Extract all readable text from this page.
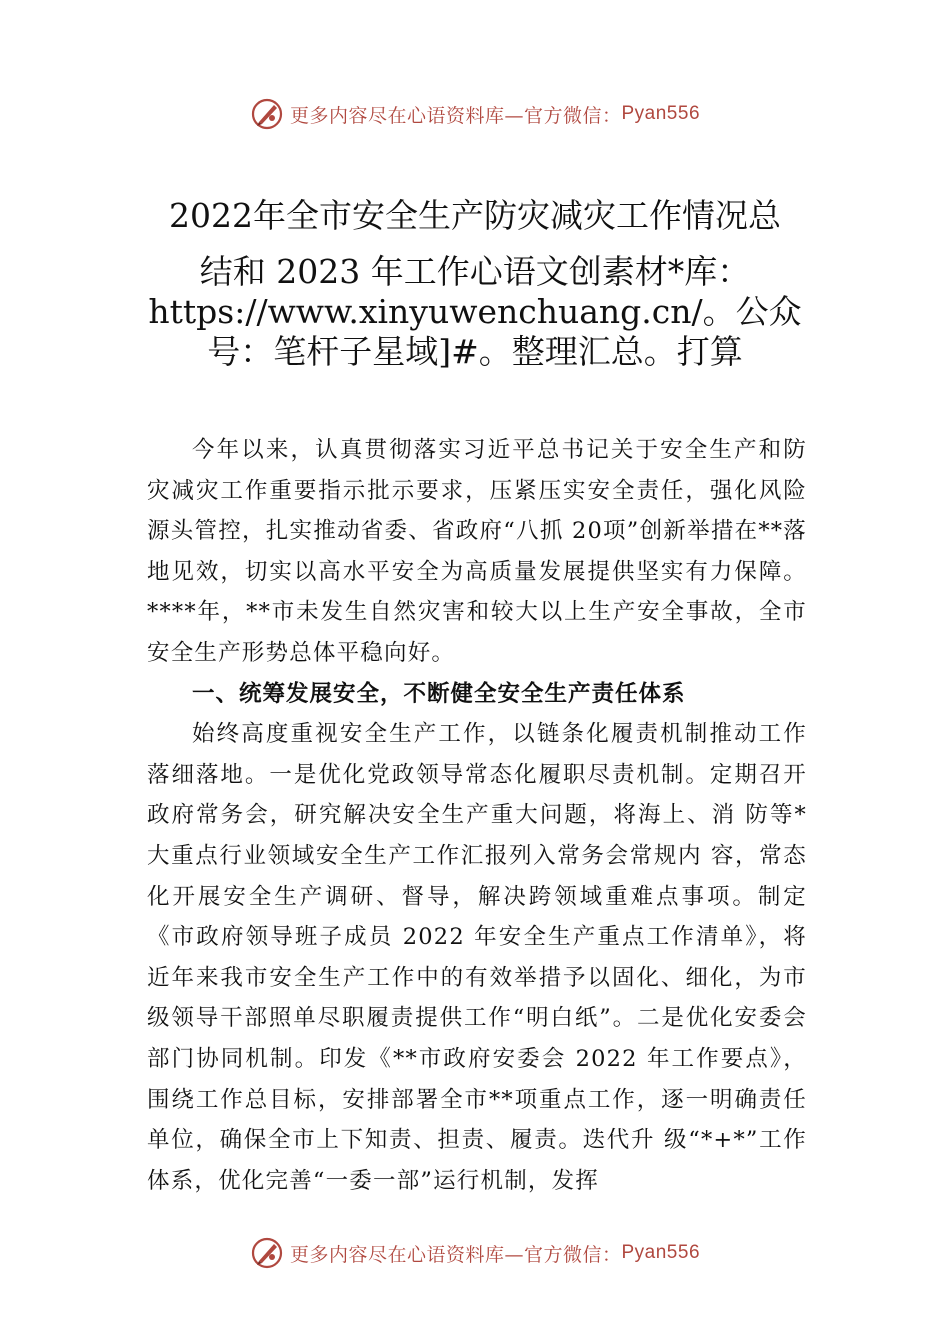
更多内容尽在心语资料库—官方微信： Pyan556
2022年全市安全生产防灾减灾工作情况总
结和 2023 年工作心语文创素材*库：https://www.xinyuwenchuang.cn/。公众号：笔杆子星域]#。整理汇总。打算

今年以来，认真贯彻落实习近平总书记关于安全生产和防灾减灾工作重要指示批示要求，压紧压实安全责任，强化风险源头管控，扎实推动省委、省政府“八抓 20项”创新举措在**落地见效，切实以高水平安全为高质量发展提供坚实有力保障。****年，**市未发生自然灾害和较大以上生产安全事故，全市安全生产形势总体平稳向好。

一、统筹发展安全，不断健全安全生产责任体系

始终高度重视安全生产工作，以链条化履责机制推动工作落细落地。一是优化党政领导常态化履职尽责机制。定期召开政府常务会，研究解决安全生产重大问题，将海上、消 防等*大重点行业领域安全生产工作汇报列入常务会常规内 容，常态化开展安全生产调研、督导，解决跨领域重难点事项。制定《市政府领导班子成员 2022 年安全生产重点工作清单》，将近年来我市安全生产工作中的有效举措予以固化、细化，为市级领导干部照单尽职履责提供工作“明白纸”。二是优化安委会部门协同机制。印发《**市政府安委会 2022 年工作要点》，围绕工作总目标，安排部署全市**项重点工作，逐一明确责任单位，确保全市上下知责、担责、履责。迭代升 级“*+*”工作体系，优化完善“一委一部”运行机制，发挥

更多内容尽在心语资料库—官方微信： Pyan556
